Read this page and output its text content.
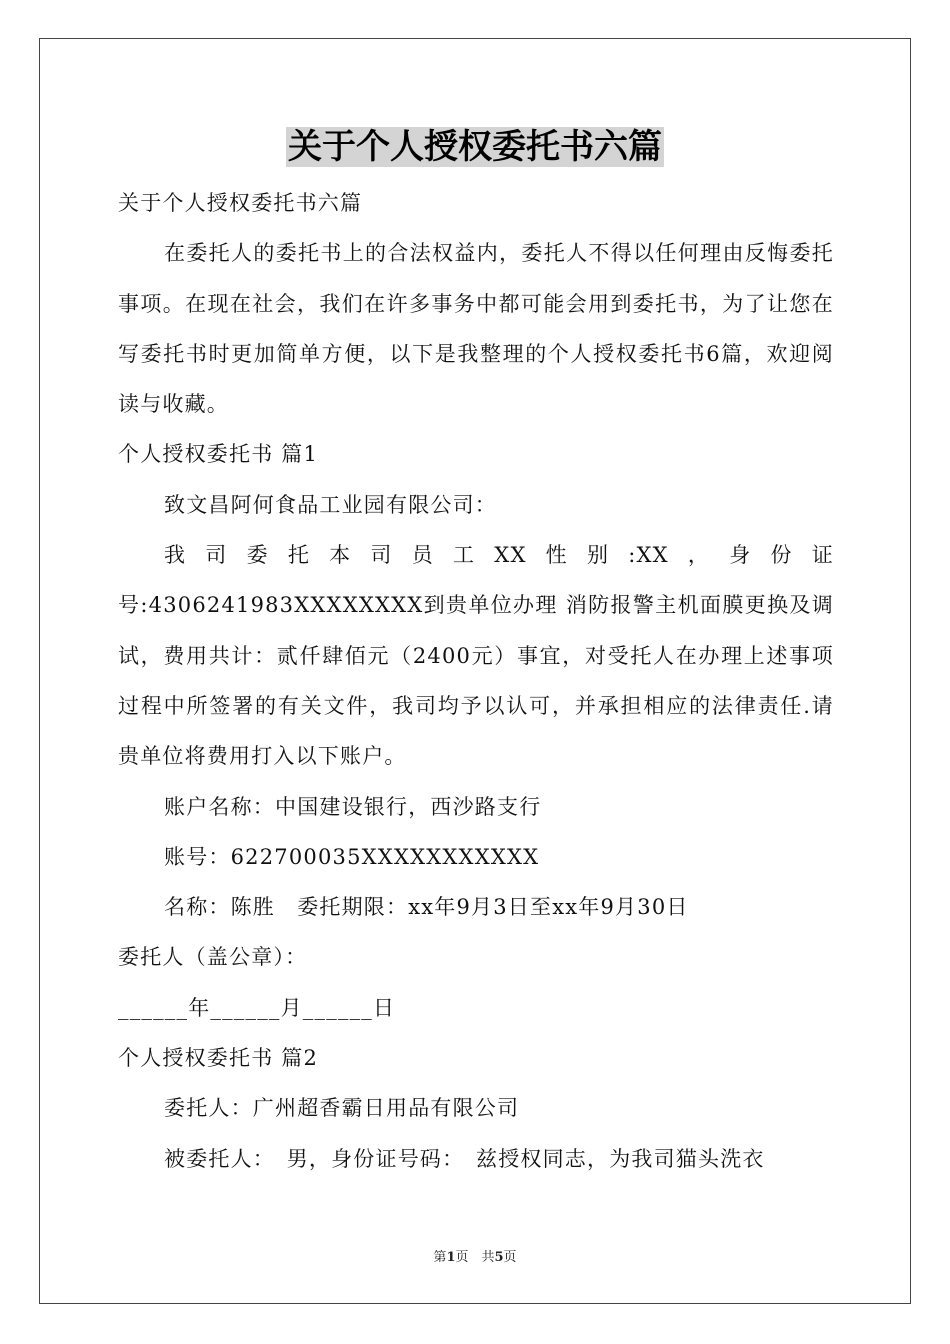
关于个人授权委托书六篇

关于个人授权委托书六篇

在委托人的委托书上的合法权益内，委托人不得以任何理由反悔委托事项。在现在社会，我们在许多事务中都可能会用到委托书，为了让您在写委托书时更加简单方便，以下是我整理的个人授权委托书6篇，欢迎阅读与收藏。

个人授权委托书 篇1

致文昌阿何食品工业园有限公司：

我司委托本司员工XX性别:XX，身份证号:4306241983XXXXXXXX到贵单位办理 消防报警主机面膜更换及调试，费用共计：贰仟肆佰元（2400元）事宜，对受托人在办理上述事项过程中所签署的有关文件，我司均予以认可，并承担相应的法律责任.请贵单位将费用打入以下账户。

账户名称：中国建设银行，西沙路支行

账号：622700035XXXXXXXXXXX

名称：陈胜　委托期限：xx年9月3日至xx年9月30日

委托人（盖公章）：

______年______月______日

个人授权委托书 篇2

委托人：广州超香霸日用品有限公司

被委托人：　男，身份证号码：　兹授权同志，为我司猫头洗衣

第1页　共5页
